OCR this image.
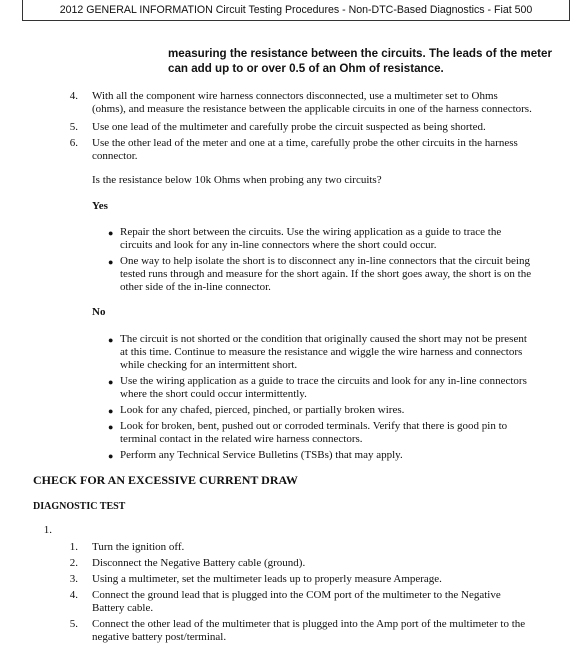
2012 GENERAL INFORMATION Circuit Testing Procedures - Non-DTC-Based Diagnostics - Fiat 500
measuring the resistance between the circuits. The leads of the meter can add up to or over 0.5 of an Ohm of resistance.
4. With all the component wire harness connectors disconnected, use a multimeter set to Ohms
(ohms), and measure the resistance between the applicable circuits in one of the harness connectors.
5. Use one lead of the multimeter and carefully probe the circuit suspected as being shorted.
6. Use the other lead of the meter and one at a time, carefully probe the other circuits in the harness
connector.
Is the resistance below 10k Ohms when probing any two circuits?
Yes
● Repair the short between the circuits. Use the wiring application as a guide to trace the
circuits and look for any in-line connectors where the short could occur.
● One way to help isolate the short is to disconnect any in-line connectors that the circuit being
tested runs through and measure for the short again. If the short goes away, the short is on the
other side of the in-line connector.
No
● The circuit is not shorted or the condition that originally caused the short may not be present
at this time. Continue to measure the resistance and wiggle the wire harness and connectors
while checking for an intermittent short.
● Use the wiring application as a guide to trace the circuits and look for any in-line connectors
where the short could occur intermittently.
● Look for any chafed, pierced, pinched, or partially broken wires.
● Look for broken, bent, pushed out or corroded terminals. Verify that there is good pin to
terminal contact in the related wire harness connectors.
● Perform any Technical Service Bulletins (TSBs) that may apply.
CHECK FOR AN EXCESSIVE CURRENT DRAW
DIAGNOSTIC TEST
1.
1. Turn the ignition off.
2. Disconnect the Negative Battery cable (ground).
3. Using a multimeter, set the multimeter leads up to properly measure Amperage.
4. Connect the ground lead that is plugged into the COM port of the multimeter to the Negative
Battery cable.
5. Connect the other lead of the multimeter that is plugged into the Amp port of the multimeter to the
negative battery post/terminal.
